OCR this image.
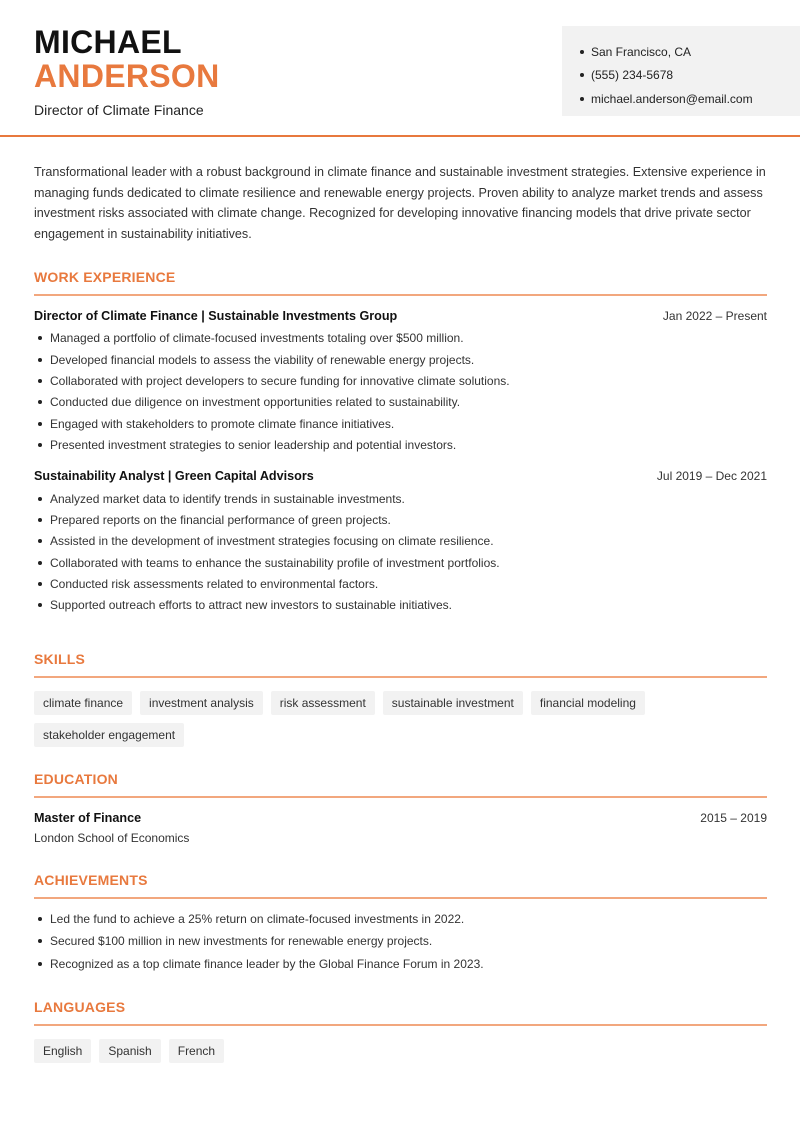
MICHAEL
ANDERSON
Director of Climate Finance
San Francisco, CA
(555) 234-5678
michael.anderson@email.com

Transformational leader with a robust background in climate finance and sustainable investment strategies. Extensive experience in managing funds dedicated to climate resilience and renewable energy projects. Proven ability to analyze market trends and assess investment risks associated with climate change. Recognized for developing innovative financing models that drive private sector engagement in sustainability initiatives.

WORK EXPERIENCE
Director of Climate Finance | Sustainable Investments Group	Jan 2022 – Present
Managed a portfolio of climate-focused investments totaling over $500 million.
Developed financial models to assess the viability of renewable energy projects.
Collaborated with project developers to secure funding for innovative climate solutions.
Conducted due diligence on investment opportunities related to sustainability.
Engaged with stakeholders to promote climate finance initiatives.
Presented investment strategies to senior leadership and potential investors.
Sustainability Analyst | Green Capital Advisors	Jul 2019 – Dec 2021
Analyzed market data to identify trends in sustainable investments.
Prepared reports on the financial performance of green projects.
Assisted in the development of investment strategies focusing on climate resilience.
Collaborated with teams to enhance the sustainability profile of investment portfolios.
Conducted risk assessments related to environmental factors.
Supported outreach efforts to attract new investors to sustainable initiatives.
SKILLS
climate finance	investment analysis	risk assessment	sustainable investment	financial modeling
stakeholder engagement
EDUCATION
Master of Finance	2015 – 2019
London School of Economics
ACHIEVEMENTS
Led the fund to achieve a 25% return on climate-focused investments in 2022.
Secured $100 million in new investments for renewable energy projects.
Recognized as a top climate finance leader by the Global Finance Forum in 2023.
LANGUAGES
English	Spanish	French
